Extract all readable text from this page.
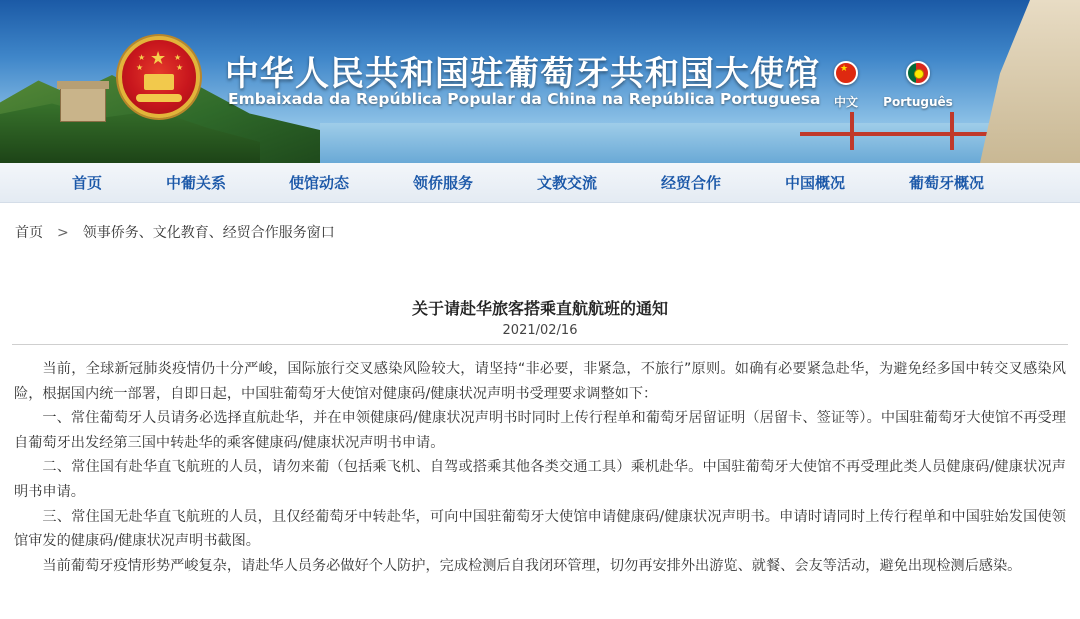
★
★
★
★
★ 中华人民共和国驻葡萄牙共和国大使馆
Embaixada da República Popular da China na República Portuguesa
★	中文	Português
首页	中葡关系	使馆动态	领侨服务	文教交流	经贸合作	中国概况	葡萄牙概况
首页 > 领事侨务、文化教育、经贸合作服务窗口
关于请赴华旅客搭乘直航航班的通知
2021/02/16

当前，全球新冠肺炎疫情仍十分严峻，国际旅行交叉感染风险较大，请坚持“非必要，非紧急，不旅行”原则。如确有必要紧急赴华，为避免经多国中转交叉感染风险，根据国内统一部署，自即日起，中国驻葡萄牙大使馆对健康码/健康状况声明书受理要求调整如下：

一、常住葡萄牙人员请务必选择直航赴华，并在申领健康码/健康状况声明书时同时上传行程单和葡萄牙居留证明（居留卡、签证等）。中国驻葡萄牙大使馆不再受理自葡萄牙出发经第三国中转赴华的乘客健康码/健康状况声明书申请。

二、常住国有赴华直飞航班的人员，请勿来葡（包括乘飞机、自驾或搭乘其他各类交通工具）乘机赴华。中国驻葡萄牙大使馆不再受理此类人员健康码/健康状况声明书申请。

三、常住国无赴华直飞航班的人员，且仅经葡萄牙中转赴华，可向中国驻葡萄牙大使馆申请健康码/健康状况声明书。申请时请同时上传行程单和中国驻始发国使领馆审发的健康码/健康状况声明书截图。

当前葡萄牙疫情形势严峻复杂，请赴华人员务必做好个人防护，完成检测后自我闭环管理，切勿再安排外出游览、就餐、会友等活动，避免出现检测后感染。
